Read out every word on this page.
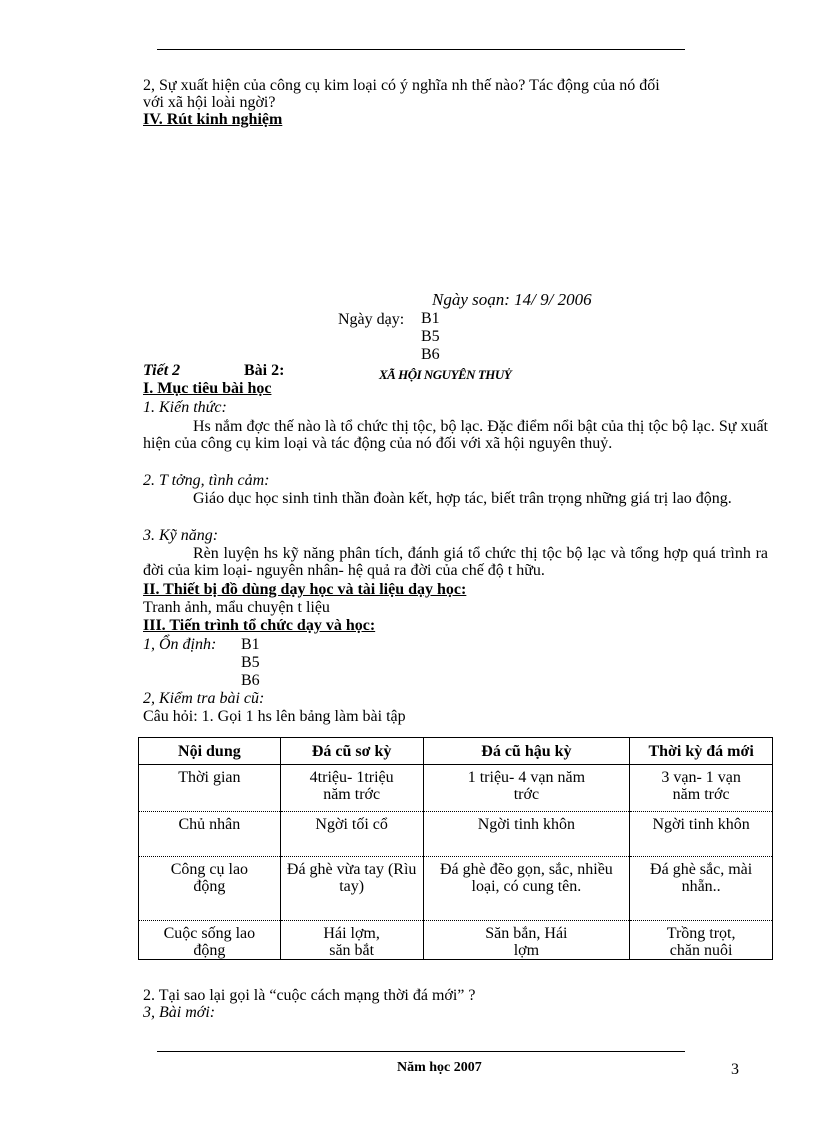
2, Sự xuất hiện của công cụ kim loại có ý nghĩa nh thế nào? Tác động của nó đối
với xã hội loài ngời?
IV. Rút kinh nghiệm
Ngày soạn: 14/ 9/ 2006
Ngày dạy: B1
B5
B6
Tiết 2	Bài 2:	XÃ HỘI NGUYÊN THUỶ
I. Mục tiêu bài học
1. Kiến thức:
Hs nắm đợc thế nào là tổ chức thị tộc, bộ lạc. Đặc điểm nổi bật của thị tộc bộ lạc. Sự xuất hiện của công cụ kim loại và tác động của nó đối với xã hội nguyên thuỷ.
2. T tởng, tình cảm:
Giáo dục học sinh tinh thần đoàn kết, hợp tác, biết trân trọng những giá trị lao động.
3. Kỹ năng:
Rèn luyện hs kỹ năng phân tích, đánh giá tổ chức thị tộc bộ lạc và tổng hợp quá trình ra đời của kim loại- nguyên nhân- hệ quả ra đời của chế độ t hữu.
II. Thiết bị đồ dùng dạy học và tài liệu dạy học:
Tranh ảnh, mẩu chuyện t liệu
III. Tiến trình tổ chức dạy và học:
1, Ổn định: B1
B5
B6
2, Kiểm tra bài cũ:
Câu hỏi: 1. Gọi 1 hs lên bảng làm bài tập
Nội dung	Đá cũ sơ kỳ	Đá cũ hậu kỳ	Thời kỳ đá mới
Thời gian	4triệu- 1triệu năm trớc	1 triệu- 4 vạn năm trớc	3 vạn- 1 vạn năm trớc
Chủ nhân	Ngời tối cổ	Ngời tinh khôn	Ngời tinh khôn
Công cụ lao động	Đá ghè vừa tay (Rìu tay)	Đá ghè đẽo gọn, sắc, nhiều loại, có cung tên.	Đá ghè sắc, mài nhẵn..
Cuộc sống lao động	Hái lợm, săn bắt	Săn bắn, Hái lợm	Trồng trọt, chăn nuôi
2. Tại sao lại gọi là “cuộc cách mạng thời đá mới” ?
3, Bài mới:
Năm học 2007	3
